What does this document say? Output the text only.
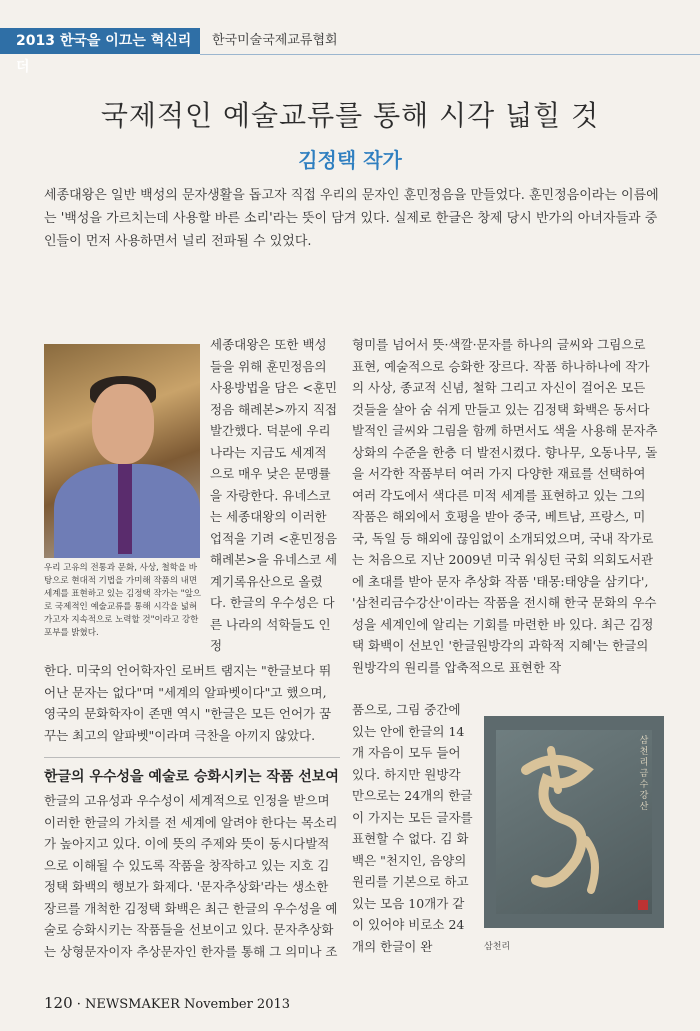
2013 한국을 이끄는 혁신리더
한국미술국제교류협회
국제적인 예술교류를 통해 시각 넓힐 것
김정택 작가
세종대왕은 일반 백성의 문자생활을 돕고자 직접 우리의 문자인 훈민정음을 만들었다. 훈민정음이라는 이름에는 '백성을 가르치는데 사용할 바른 소리'라는 뜻이 담겨 있다. 실제로 한글은 창제 당시 반가의 아녀자들과 중인들이 먼저 사용하면서 널리 전파될 수 있었다.
우리 고유의 전통과 문화, 사상, 철학을 바탕으로 현대적 기법을 가미해 작품의 내면세계를 표현하고 있는 김정택 작가는 "앞으로 국제적인 예술교류를 통해 시각을 넓혀 가고자 지속적으로 노력할 것"이라고 강한 포부를 밝혔다.
세종대왕은 또한 백성들을 위해 훈민정음의 사용방법을 담은 <훈민정음 해례본>까지 직접 발간했다. 덕분에 우리나라는 지금도 세계적으로 매우 낮은 문맹률을 자랑한다. 유네스코는 세종대왕의 이러한 업적을 기려 <훈민정음 해례본>을 유네스코 세계기록유산으로 올렸다. 한글의 우수성은 다른 나라의 석학들도 인정
한다. 미국의 언어학자인 로버트 램지는 "한글보다 뛰어난 문자는 없다"며 "세계의 알파벳이다"고 했으며, 영국의 문화학자이 존맨 역시 "한글은 모든 언어가 꿈꾸는 최고의 알파벳"이라며 극찬을 아끼지 않았다.
한글의 우수성을 예술로 승화시키는 작품 선보여
한글의 고유성과 우수성이 세계적으로 인정을 받으며 이러한 한글의 가치를 전 세계에 알려야 한다는 목소리가 높아지고 있다. 이에 뜻의 주제와 뜻이 동시다발적으로 이해될 수 있도록 작품을 창작하고 있는 지호 김정택 화백의 행보가 화제다. '문자추상화'라는 생소한 장르를 개척한 김정택 화백은 최근 한글의 우수성을 예술로 승화시키는 작품들을 선보이고 있다. 문자추상화는 상형문자이자 추상문자인 한자를 통해 그 의미나 조
형미를 넘어서 뜻·색깔·문자를 하나의 글씨와 그림으로 표현, 예술적으로 승화한 장르다. 작품 하나하나에 작가의 사상, 종교적 신념, 철학 그리고 자신이 걸어온 모든 것들을 살아 숨 쉬게 만들고 있는 김정택 화백은 동서다발적인 글씨와 그림을 함께 하면서도 색을 사용해 문자추상화의 수준을 한층 더 발전시켰다. 향나무, 오동나무, 돌을 서각한 작품부터 여러 가지 다양한 재료를 선택하여 여러 각도에서 색다른 미적 세계를 표현하고 있는 그의 작품은 해외에서 호평을 받아 중국, 베트남, 프랑스, 미국, 독일 등 해외에 끊임없이 소개되었으며, 국내 작가로는 처음으로 지난 2009년 미국 워싱턴 국회 의회도서관에 초대를 받아 문자 추상화 작품 '태몽:태양을 삼키다', '삼천리금수강산'이라는 작품을 전시해 한국 문화의 우수성을 세계인에 알리는 기회를 마련한 바 있다. 최근 김정택 화백이 선보인 '한글원방각의 과학적 지혜'는 한글의 원방각의 원리를 압축적으로 표현한 작
품으로, 그림 중간에 있는 안에 한글의 14개 자음이 모두 들어 있다. 하지만 원방각 만으로는 24개의 한글이 가지는 모든 글자를 표현할 수 없다. 김 화백은 "천지인, 음양의 원리를 기본으로 하고 있는 모음 10개가 같이 있어야 비로소 24개의 한글이 완
삼천리금수강산
삼천리
120 · NEWSMAKER November 2013
